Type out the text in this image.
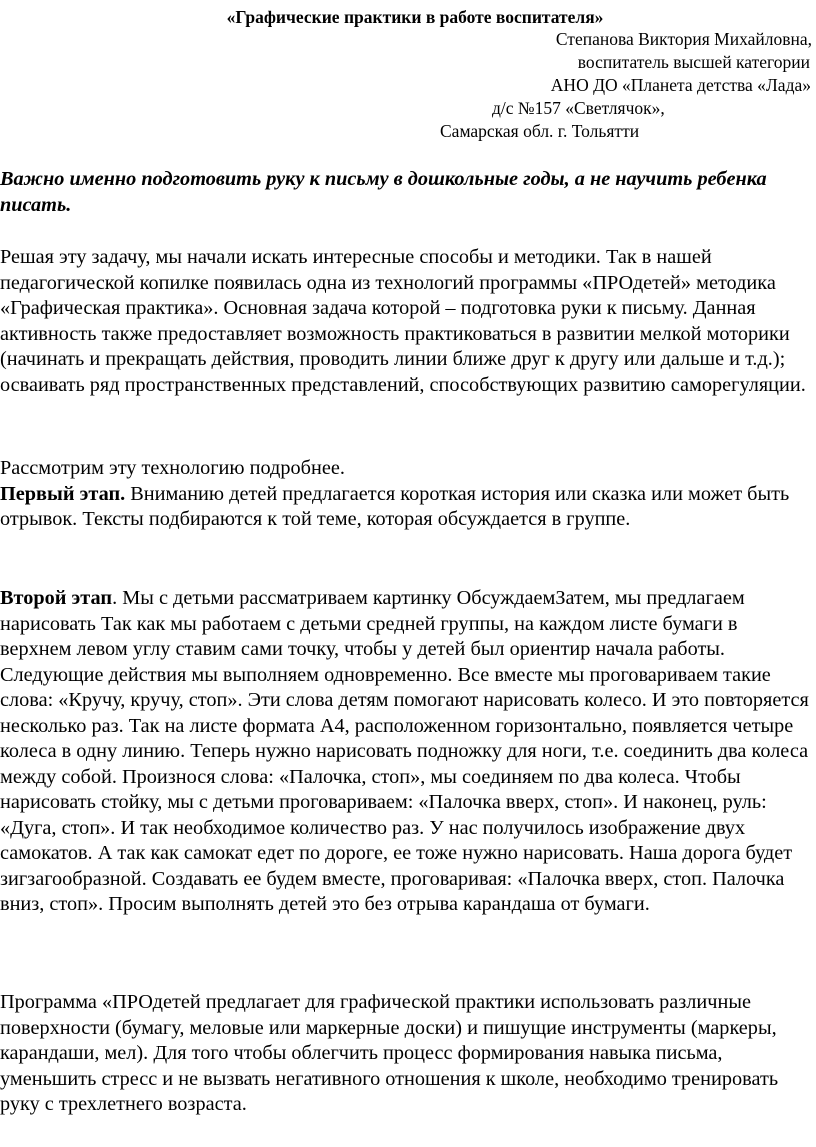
«Графические практики в работе воспитателя»
Степанова Виктория Михайловна,
воспитатель высшей категории
АНО ДО «Планета детства «Лада»
д/с №157 «Светлячок»,
Самарская обл. г. Тольятти

Важно именно подготовить руку к письму в дошкольные годы, а не научить ребенка писать.

Решая эту задачу, мы начали искать интересные способы и методики. Так в нашей педагогической копилке появилась одна из технологий программы «ПРОдетей» методика «Графическая практика». Основная задача которой – подготовка руки к письму. Данная активность также предоставляет возможность практиковаться в развитии мелкой моторики (начинать и прекращать действия, проводить линии ближе друг к другу или дальше и т.д.); осваивать ряд пространственных представлений, способствующих развитию саморегуляции.

Рассмотрим эту технологию подробнее.

Первый этап. Вниманию детей предлагается короткая история или сказка или может быть отрывок. Тексты подбираются к той теме, которая обсуждается в группе.

Второй этап. Мы с детьми рассматриваем картинку ОбсуждаемЗатем, мы предлагаем нарисовать Так как мы работаем с детьми средней группы, на каждом листе бумаги в верхнем левом углу ставим сами точку, чтобы у детей был ориентир начала работы. Следующие действия мы выполняем одновременно. Все вместе мы проговариваем такие слова: «Кручу, кручу, стоп». Эти слова детям помогают нарисовать колесо. И это повторяется несколько раз. Так на листе формата А4, расположенном горизонтально, появляется четыре колеса в одну линию. Теперь нужно нарисовать подножку для ноги, т.е. соединить два колеса между собой. Произнося слова: «Палочка, стоп», мы соединяем по два колеса. Чтобы нарисовать стойку, мы с детьми проговариваем: «Палочка вверх, стоп». И наконец, руль: «Дуга, стоп». И так необходимое количество раз. У нас получилось изображение двух самокатов. А так как самокат едет по дороге, ее тоже нужно нарисовать. Наша дорога будет зигзагообразной. Создавать ее будем вместе, проговаривая: «Палочка вверх, стоп. Палочка вниз, стоп». Просим выполнять детей это без отрыва карандаша от бумаги.

Программа «ПРОдетей предлагает для графической практики использовать различные поверхности (бумагу, меловые или маркерные доски) и пишущие инструменты (маркеры, карандаши, мел). Для того чтобы облегчить процесс формирования навыка письма, уменьшить стресс и не вызвать негативного отношения к школе, необходимо тренировать руку с трехлетнего возраста.
